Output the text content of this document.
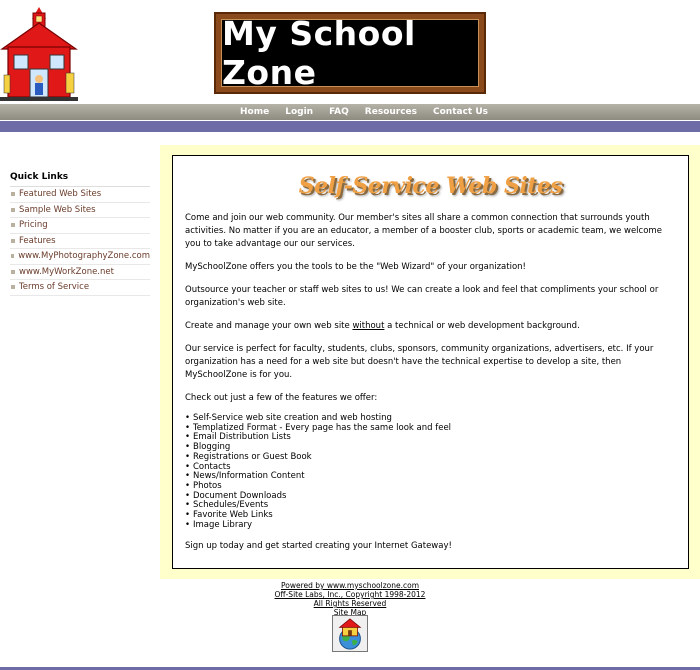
My School Zone
Home Login FAQ Resources Contact Us
Quick Links
Featured Web Sites
Sample Web Sites
Pricing
Features
www.MyPhotographyZone.com
www.MyWorkZone.net
Terms of Service
Self-Service Web Sites

Come and join our web community. Our member's sites all share a common connection that surrounds youth activities. No matter if you are an educator, a member of a booster club, sports or academic team, we welcome you to take advantage our our services.

MySchoolZone offers you the tools to be the "Web Wizard" of your organization!

Outsource your teacher or staff web sites to us! We can create a look and feel that compliments your school or organization's web site.

Create and manage your own web site without a technical or web development background.

Our service is perfect for faculty, students, clubs, sponsors, community organizations, advertisers, etc. If your organization has a need for a web site but doesn't have the technical expertise to develop a site, then MySchoolZone is for you.

Check out just a few of the features we offer:

• Self-Service web site creation and web hosting
• Templatized Format - Every page has the same look and feel
• Email Distribution Lists
• Blogging
• Registrations or Guest Book
• Contacts
• News/Information Content
• Photos
• Document Downloads
• Schedules/Events
• Favorite Web Links
• Image Library

Sign up today and get started creating your Internet Gateway!

Powered by www.myschoolzone.com
Off-Site Labs, Inc., Copyright 1998-2012
All Rights Reserved
Site Map
